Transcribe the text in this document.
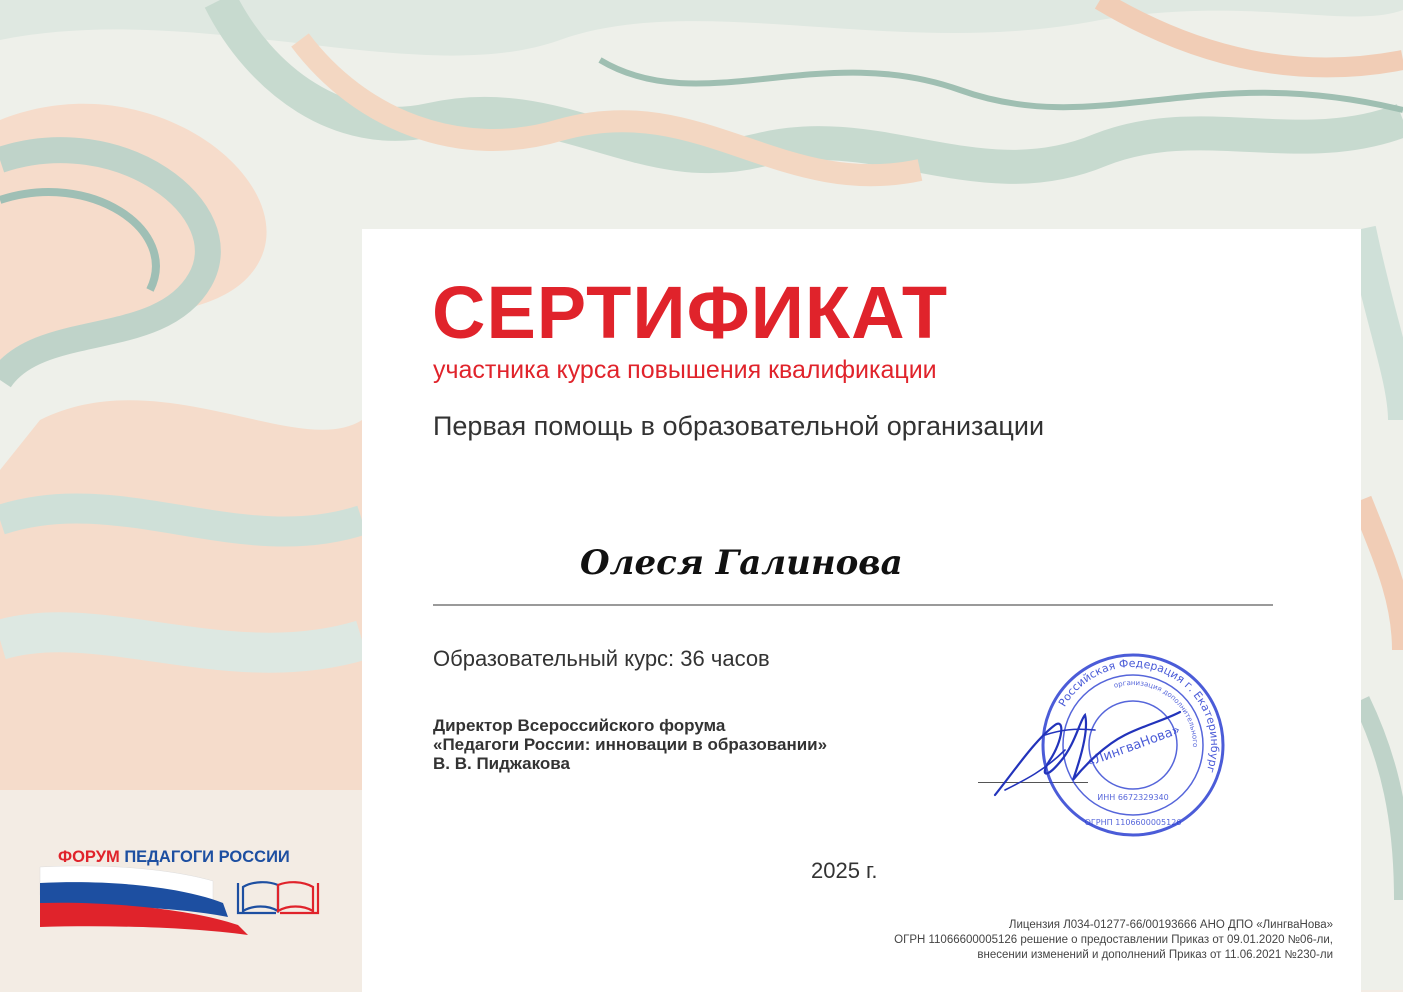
СЕРТИФИКАТ
участника курса повышения квалификации
Первая помощь в образовательной организации
Олеся Галинова
Образовательный курс: 36 часов
Директор Всероссийского форума
«Педагоги России: инновации в образовании»
В. В. Пиджакова
Российская Федерация г. Екатеринбург
организация дополнительного
«ЛингваНова»
ИНН 6672329340
ОГРНП 1106600005126
2025 г.
Лицензия Л034-01277-66/00193666 АНО ДПО «ЛингваНова»
ОГРН 11066600005126 решение о предоставлении Приказ от 09.01.2020 №06-ли,
внесении изменений и дополнений Приказ от 11.06.2021 №230-ли
ФОРУМ ПЕДАГОГИ РОССИИ
